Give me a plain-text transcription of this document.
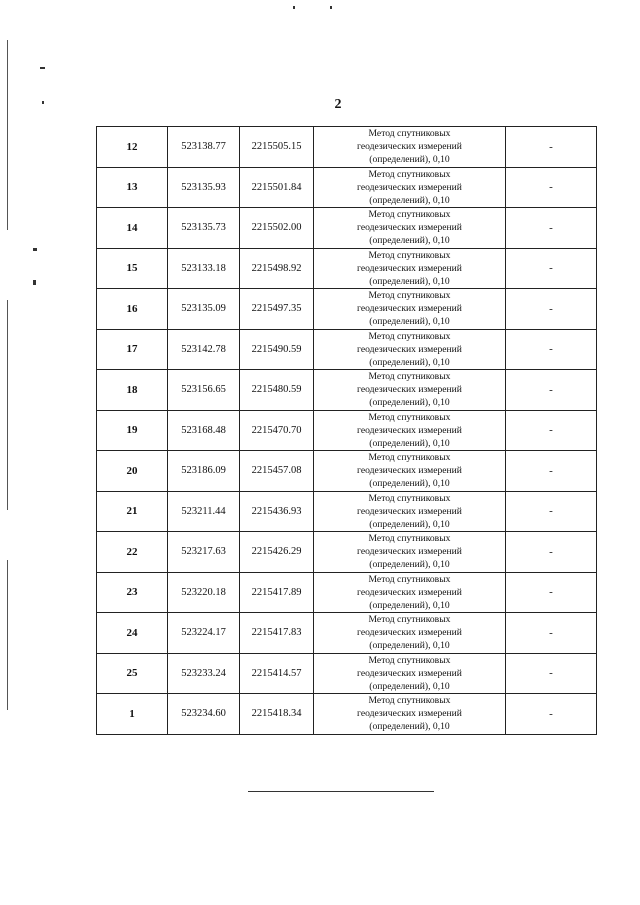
2
12	523138.77	2215505.15	Метод спутниковых
геодезических измерений
(определений), 0,10	-
13	523135.93	2215501.84	Метод спутниковых
геодезических измерений
(определений), 0,10	-
14	523135.73	2215502.00	Метод спутниковых
геодезических измерений
(определений), 0,10	-
15	523133.18	2215498.92	Метод спутниковых
геодезических измерений
(определений), 0,10	-
16	523135.09	2215497.35	Метод спутниковых
геодезических измерений
(определений), 0,10	-
17	523142.78	2215490.59	Метод спутниковых
геодезических измерений
(определений), 0,10	-
18	523156.65	2215480.59	Метод спутниковых
геодезических измерений
(определений), 0,10	-
19	523168.48	2215470.70	Метод спутниковых
геодезических измерений
(определений), 0,10	-
20	523186.09	2215457.08	Метод спутниковых
геодезических измерений
(определений), 0,10	-
21	523211.44	2215436.93	Метод спутниковых
геодезических измерений
(определений), 0,10	-
22	523217.63	2215426.29	Метод спутниковых
геодезических измерений
(определений), 0,10	-
23	523220.18	2215417.89	Метод спутниковых
геодезических измерений
(определений), 0,10	-
24	523224.17	2215417.83	Метод спутниковых
геодезических измерений
(определений), 0,10	-
25	523233.24	2215414.57	Метод спутниковых
геодезических измерений
(определений), 0,10	-
1	523234.60	2215418.34	Метод спутниковых
геодезических измерений
(определений), 0,10	-
